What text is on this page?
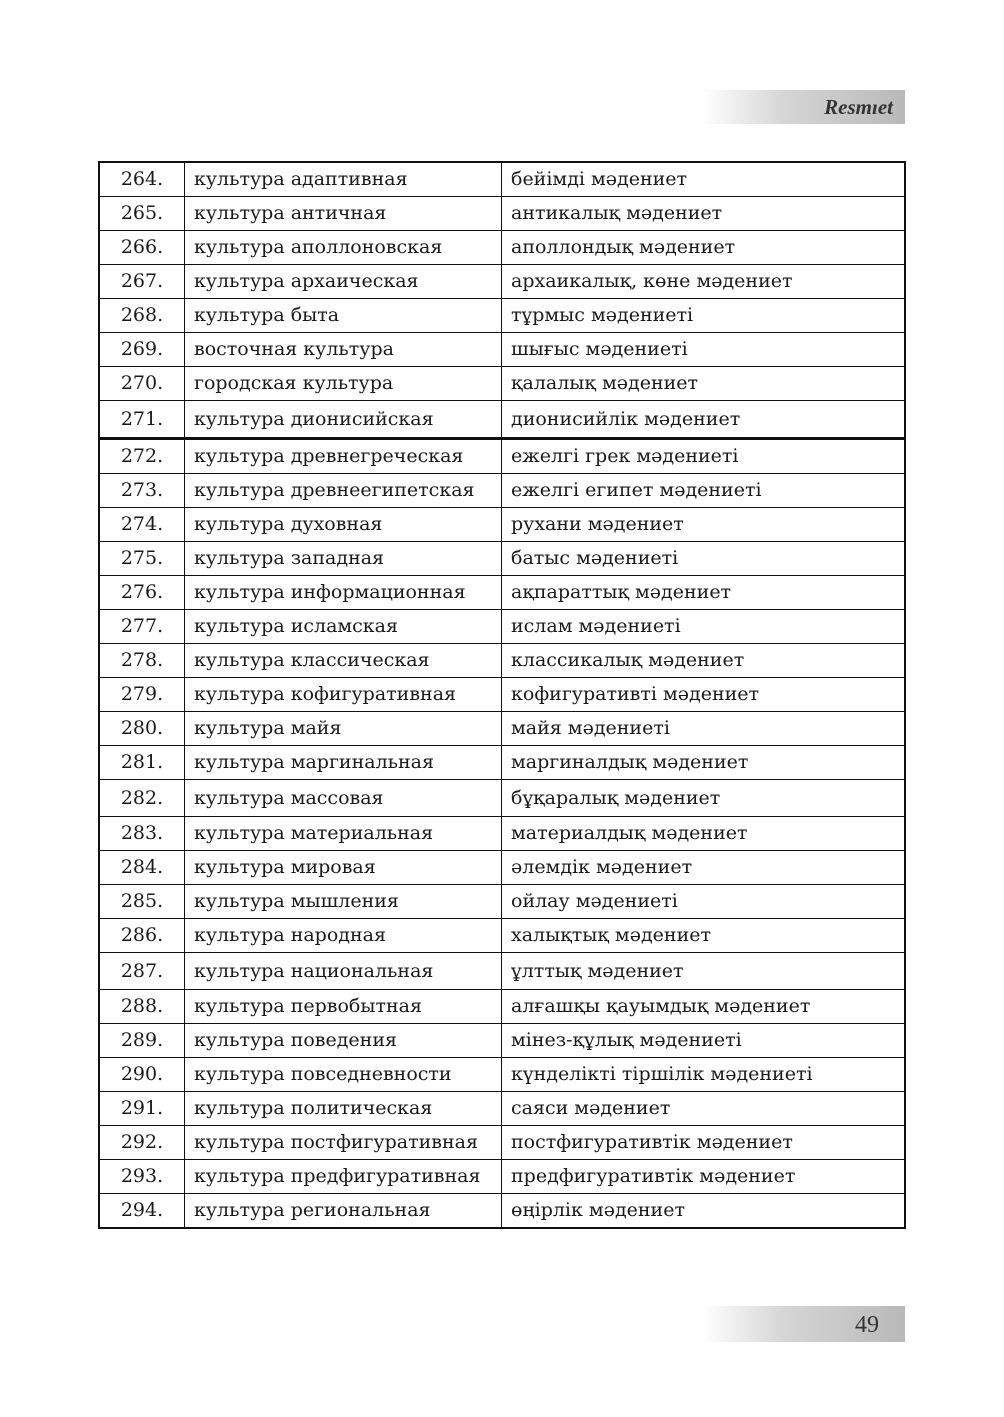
Resmıet
264.	культура адаптивная	бейімді мәдениет
265.	культура античная	антикалық мәдениет
266.	культура аполлоновская	аполлондық мәдениет
267.	культура архаическая	архаикалық, көне мәдениет
268.	культура быта	тұрмыс мәдениеті
269.	восточная культура	шығыс мәдениеті
270.	городская культура	қалалық мәдениет
271.	культура дионисийская	дионисийлік мәдениет
272.	культура древнегреческая	ежелгі грек мәдениеті
273.	культура древнеегипетская	ежелгі египет мәдениеті
274.	культура духовная	рухани мәдениет
275.	культура западная	батыс мәдениеті
276.	культура информационная	ақпараттық мәдениет
277.	культура исламская	ислам мәдениеті
278.	культура классическая	классикалық мәдениет
279.	культура кофигуративная	кофигуративті мәдениет
280.	культура майя	майя мәдениеті
281.	культура маргинальная	маргиналдық мәдениет
282.	культура массовая	бұқаралық мәдениет
283.	культура материальная	материалдық мәдениет
284.	культура мировая	әлемдік мәдениет
285.	культура мышления	ойлау мәдениеті
286.	культура народная	халықтық мәдениет
287.	культура национальная	ұлттық мәдениет
288.	культура первобытная	алғашқы қауымдық мәдениет
289.	культура поведения	мінез-құлық мәдениеті
290.	культура повседневности	күнделікті тіршілік мәдениеті
291.	культура политическая	саяси мәдениет
292.	культура постфигуративная	постфигуративтік мәдениет
293.	культура предфигуративная	предфигуративтік мәдениет
294.	культура региональная	өңірлік мәдениет
49
